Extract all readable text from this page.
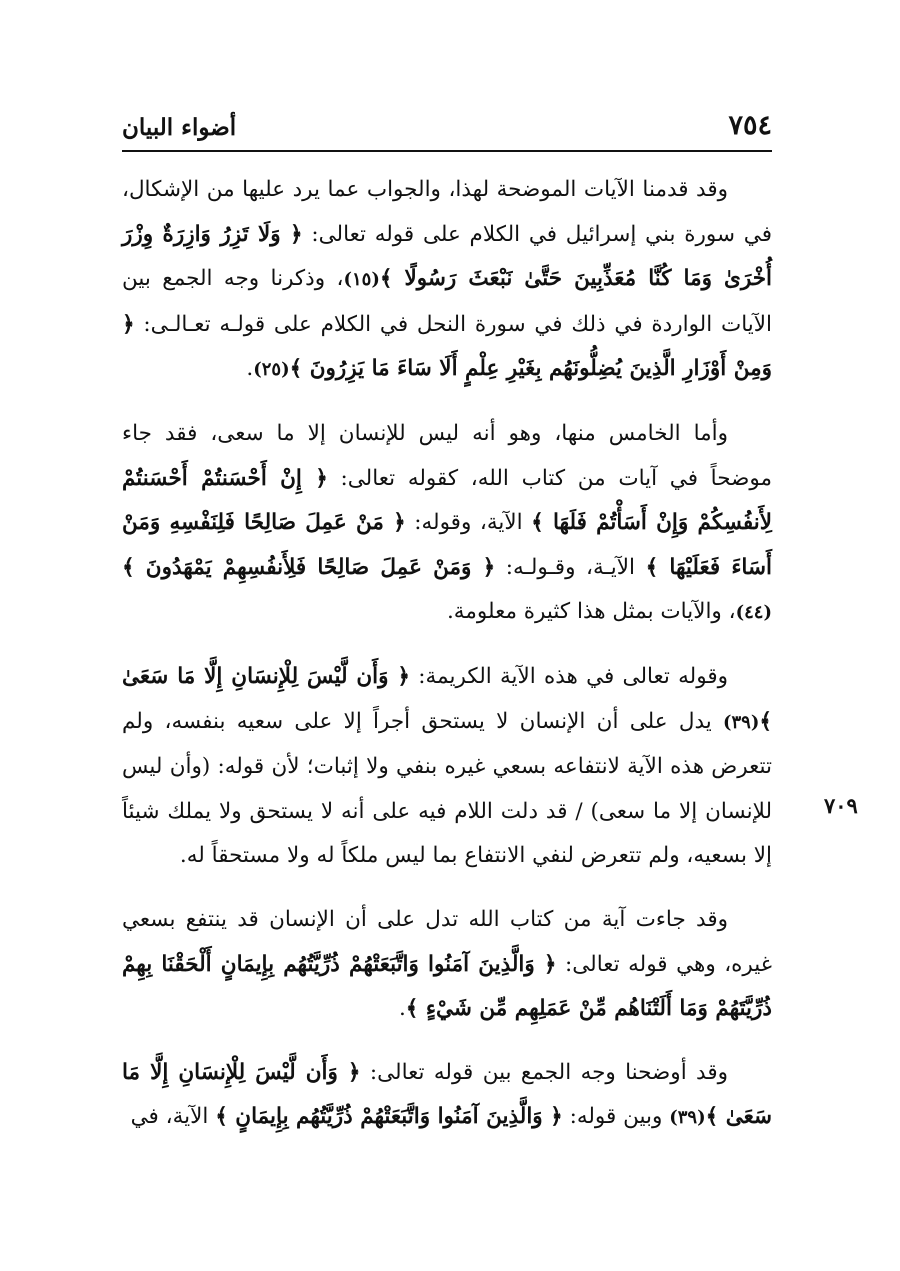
أضواء البيان	٧٥٤
٧٠٩

وقد قدمنا الآيات الموضحة لهذا، والجواب عما يرد عليها من الإشكال، في سورة بني إسرائيل في الكلام على قوله تعالى: ﴿ وَلَا تَزِرُ وَازِرَةٌ وِزْرَ أُخْرَىٰ وَمَا كُنَّا مُعَذِّبِينَ حَتَّىٰ نَبْعَثَ رَسُولًا ﴾(١٥)، وذكرنا وجه الجمع بين الآيات الواردة في ذلك في سورة النحل في الكلام على قولـه تعـالـى: ﴿ وَمِنْ أَوْزَارِ الَّذِينَ يُضِلُّونَهُم بِغَيْرِ عِلْمٍ أَلَا سَاءَ مَا يَزِرُونَ ﴾(٢٥).

وأما الخامس منها، وهو أنه ليس للإنسان إلا ما سعى، فقد جاء موضحاً في آيات من كتاب الله، كقوله تعالى: ﴿ إِنْ أَحْسَنتُمْ أَحْسَنتُمْ لِأَنفُسِكُمْ وَإِنْ أَسَأْتُمْ فَلَهَا ﴾ الآية، وقوله: ﴿ مَنْ عَمِلَ صَالِحًا فَلِنَفْسِهِ وَمَنْ أَسَاءَ فَعَلَيْهَا ﴾ الآيـة، وقـولـه: ﴿ وَمَنْ عَمِلَ صَالِحًا فَلِأَنفُسِهِمْ يَمْهَدُونَ ﴾(٤٤)، والآيات بمثل هذا كثيرة معلومة.

وقوله تعالى في هذه الآية الكريمة: ﴿ وَأَن لَّيْسَ لِلْإِنسَانِ إِلَّا مَا سَعَىٰ ﴾(٣٩) يدل على أن الإنسان لا يستحق أجراً إلا على سعيه بنفسه، ولم تتعرض هذه الآية لانتفاعه بسعي غيره بنفي ولا إثبات؛ لأن قوله: (وأن ليس للإنسان إلا ما سعى) / قد دلت اللام فيه على أنه لا يستحق ولا يملك شيئاً إلا بسعيه، ولم تتعرض لنفي الانتفاع بما ليس ملكاً له ولا مستحقاً له.

وقد جاءت آية من كتاب الله تدل على أن الإنسان قد ينتفع بسعي غيره، وهي قوله تعالى: ﴿ وَالَّذِينَ آمَنُوا وَاتَّبَعَتْهُمْ ذُرِّيَّتُهُم بِإِيمَانٍ أَلْحَقْنَا بِهِمْ ذُرِّيَّتَهُمْ وَمَا أَلَتْنَاهُم مِّنْ عَمَلِهِم مِّن شَيْءٍ ﴾.

وقد أوضحنا وجه الجمع بين قوله تعالى: ﴿ وَأَن لَّيْسَ لِلْإِنسَانِ إِلَّا مَا سَعَىٰ ﴾(٣٩) وبين قوله: ﴿ وَالَّذِينَ آمَنُوا وَاتَّبَعَتْهُمْ ذُرِّيَّتُهُم بِإِيمَانٍ ﴾ الآية، في
